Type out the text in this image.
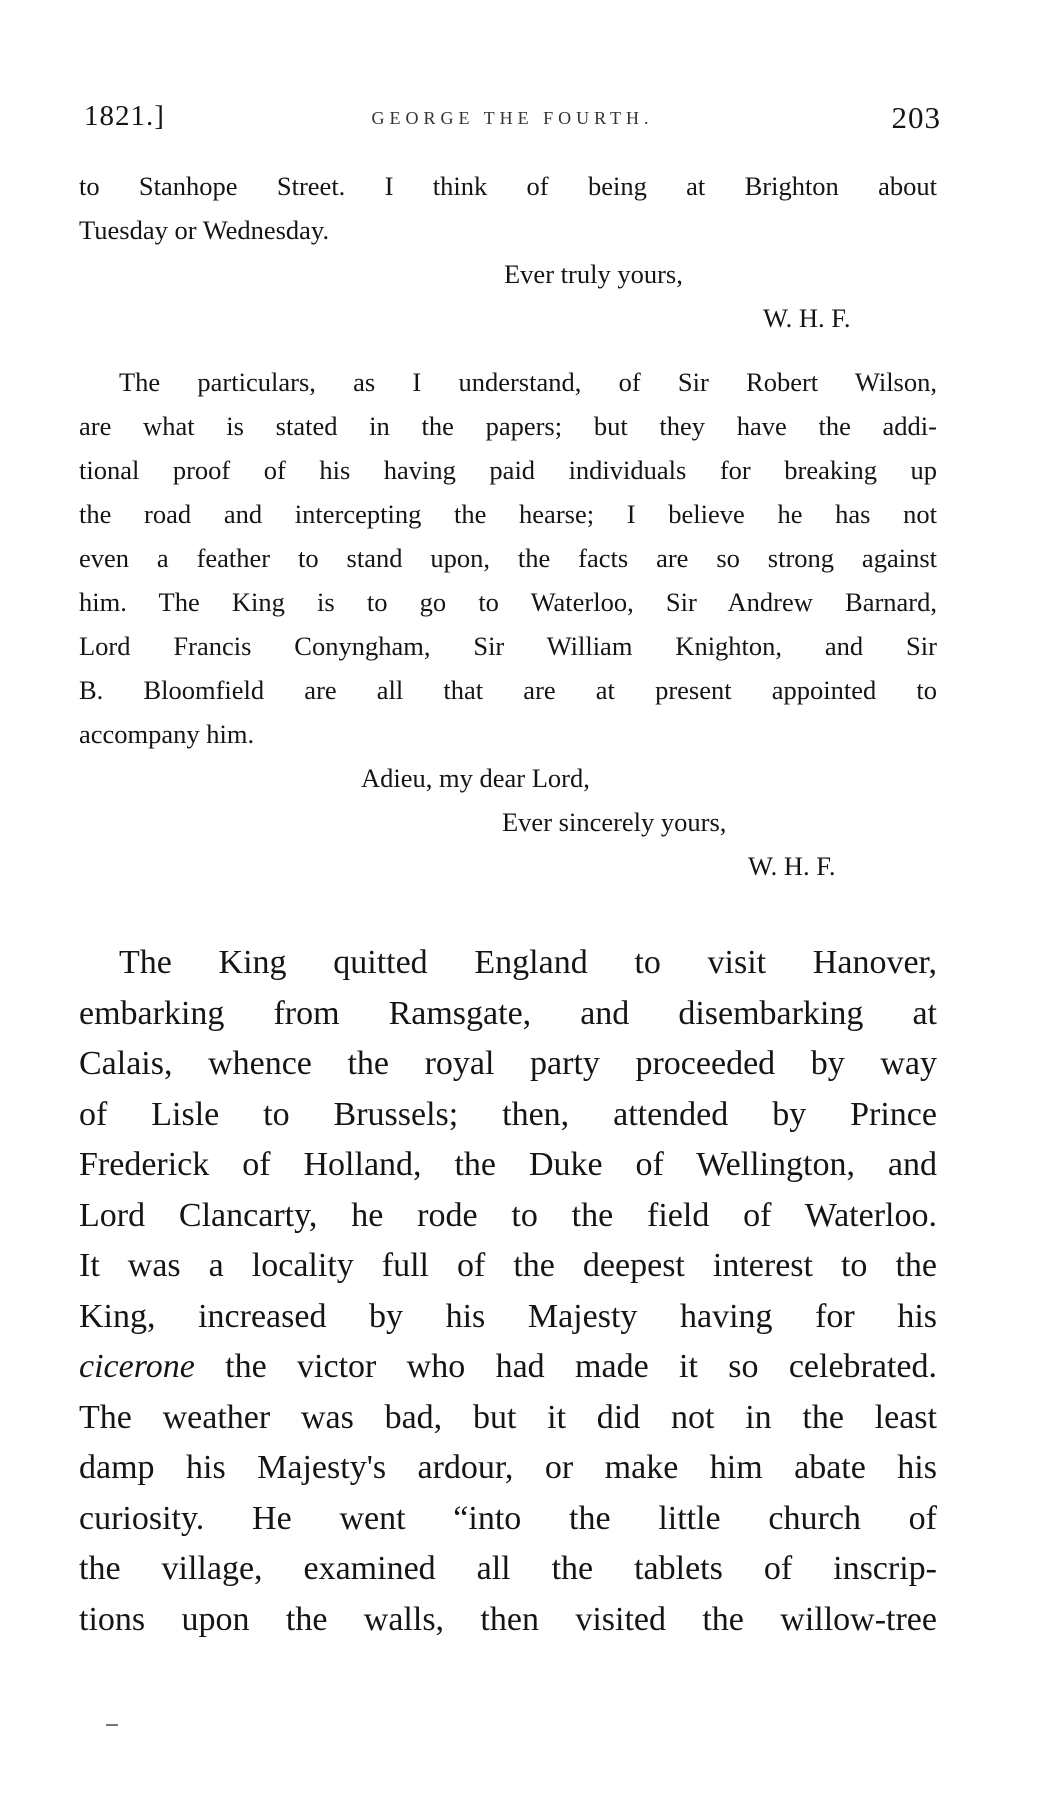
1821.]	GEORGE THE FOURTH.	203
to Stanhope Street. I think of being at Brighton about
Tuesday or Wednesday.
Ever truly yours,
W. H. F.
The particulars, as I understand, of Sir Robert Wilson,
are what is stated in the papers; but they have the addi-
tional proof of his having paid individuals for breaking up
the road and intercepting the hearse; I believe he has not
even a feather to stand upon, the facts are so strong against
him. The King is to go to Waterloo, Sir Andrew Barnard,
Lord Francis Conyngham, Sir William Knighton, and Sir
B. Bloomfield are all that are at present appointed to
accompany him.
Adieu, my dear Lord,
Ever sincerely yours,
W. H. F.
The King quitted England to visit Hanover,
embarking from Ramsgate, and disembarking at
Calais, whence the royal party proceeded by way
of Lisle to Brussels; then, attended by Prince
Frederick of Holland, the Duke of Wellington, and
Lord Clancarty, he rode to the field of Waterloo.
It was a locality full of the deepest interest to the
King, increased by his Majesty having for his
cicerone the victor who had made it so celebrated.
The weather was bad, but it did not in the least
damp his Majesty's ardour, or make him abate his
curiosity. He went “into the little church of
the village, examined all the tablets of inscrip-
tions upon the walls, then visited the willow-tree
